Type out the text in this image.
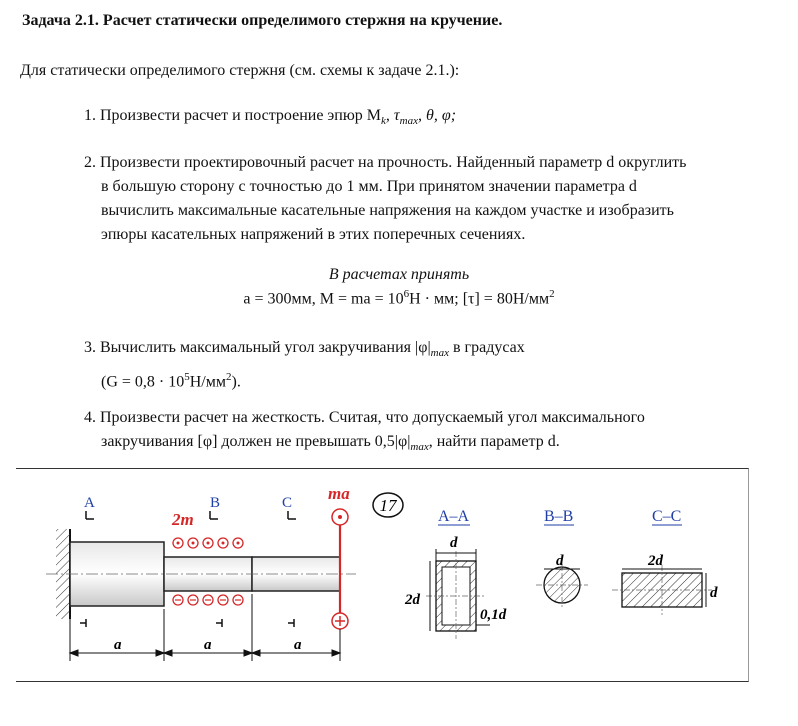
Задача 2.1. Расчет статически определимого стержня на кручение.
Для статически определимого стержня (см. схемы к задаче 2.1.):
1. Произвести расчет и построение эпюр $M_k$, $\tau_{max}$, θ, φ;
2. Произвести проектировочный расчет на прочность. Найденный параметр d округлить
в большую сторону с точностью до 1 мм. При принятом значении параметра d
вычислить максимальные касательные напряжения на каждом участке и изобразить
эпюры касательных напряжений в этих поперечных сечениях.
В расчетах принять
a = 300мм, M = ma = $10^6Н$ · мм; $[\tau] = 80Н/мм^2$
3. Вычислить максимальный угол закручивания $|\varphi|_{max}$ в градусах
$(G = 0,8 \cdot 10^5Н/мм^2)$.
4. Произвести расчет на жесткость. Считая, что допускаемый угол максимального
закручивания [φ] должен не превышать $0,5|\varphi|_{max}$, найти параметр d.
A	B	C
2m
ma
17
a	a	a
A–A
d
2d
0,1d
B–B
d
C–C
2d
d
